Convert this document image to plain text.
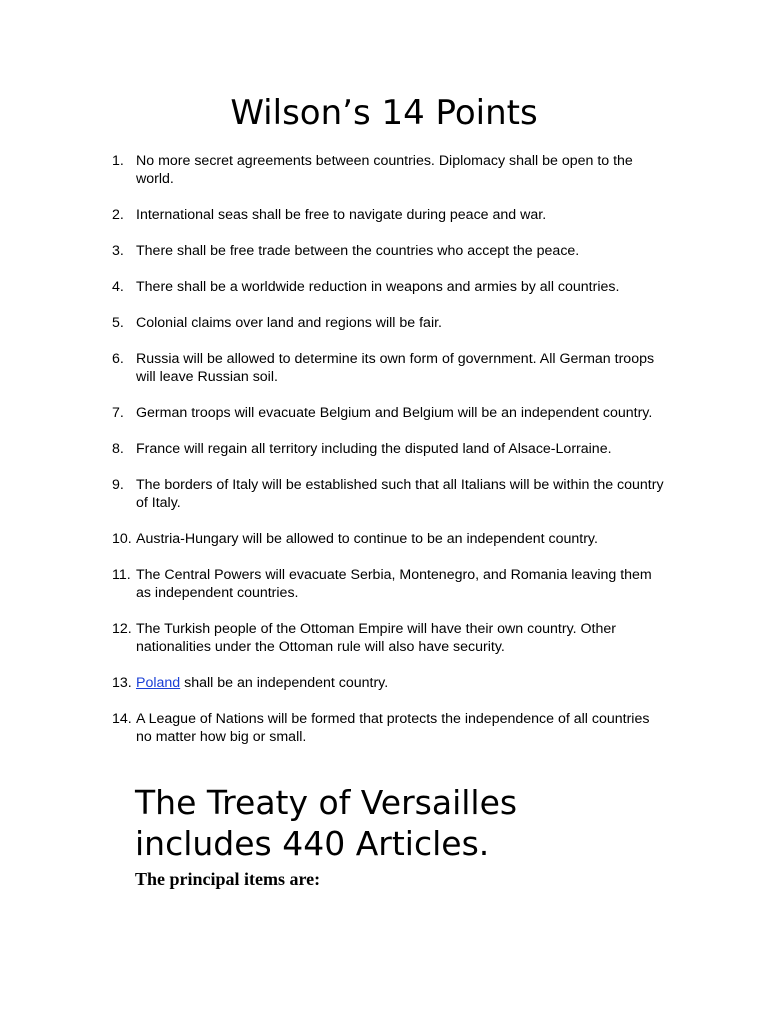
Wilson’s 14 Points
1. No more secret agreements between countries. Diplomacy shall be open to the world.
2. International seas shall be free to navigate during peace and war.
3. There shall be free trade between the countries who accept the peace.
4. There shall be a worldwide reduction in weapons and armies by all countries.
5. Colonial claims over land and regions will be fair.
6. Russia will be allowed to determine its own form of government. All German troops will leave Russian soil.
7. German troops will evacuate Belgium and Belgium will be an independent country.
8. France will regain all territory including the disputed land of Alsace-Lorraine.
9. The borders of Italy will be established such that all Italians will be within the country of Italy.
10. Austria-Hungary will be allowed to continue to be an independent country.
11. The Central Powers will evacuate Serbia, Montenegro, and Romania leaving them as independent countries.
12. The Turkish people of the Ottoman Empire will have their own country. Other nationalities under the Ottoman rule will also have security.
13. Poland shall be an independent country.
14. A League of Nations will be formed that protects the independence of all countries no matter how big or small.
The Treaty of Versailles
includes 440 Articles.
The principal items are:
